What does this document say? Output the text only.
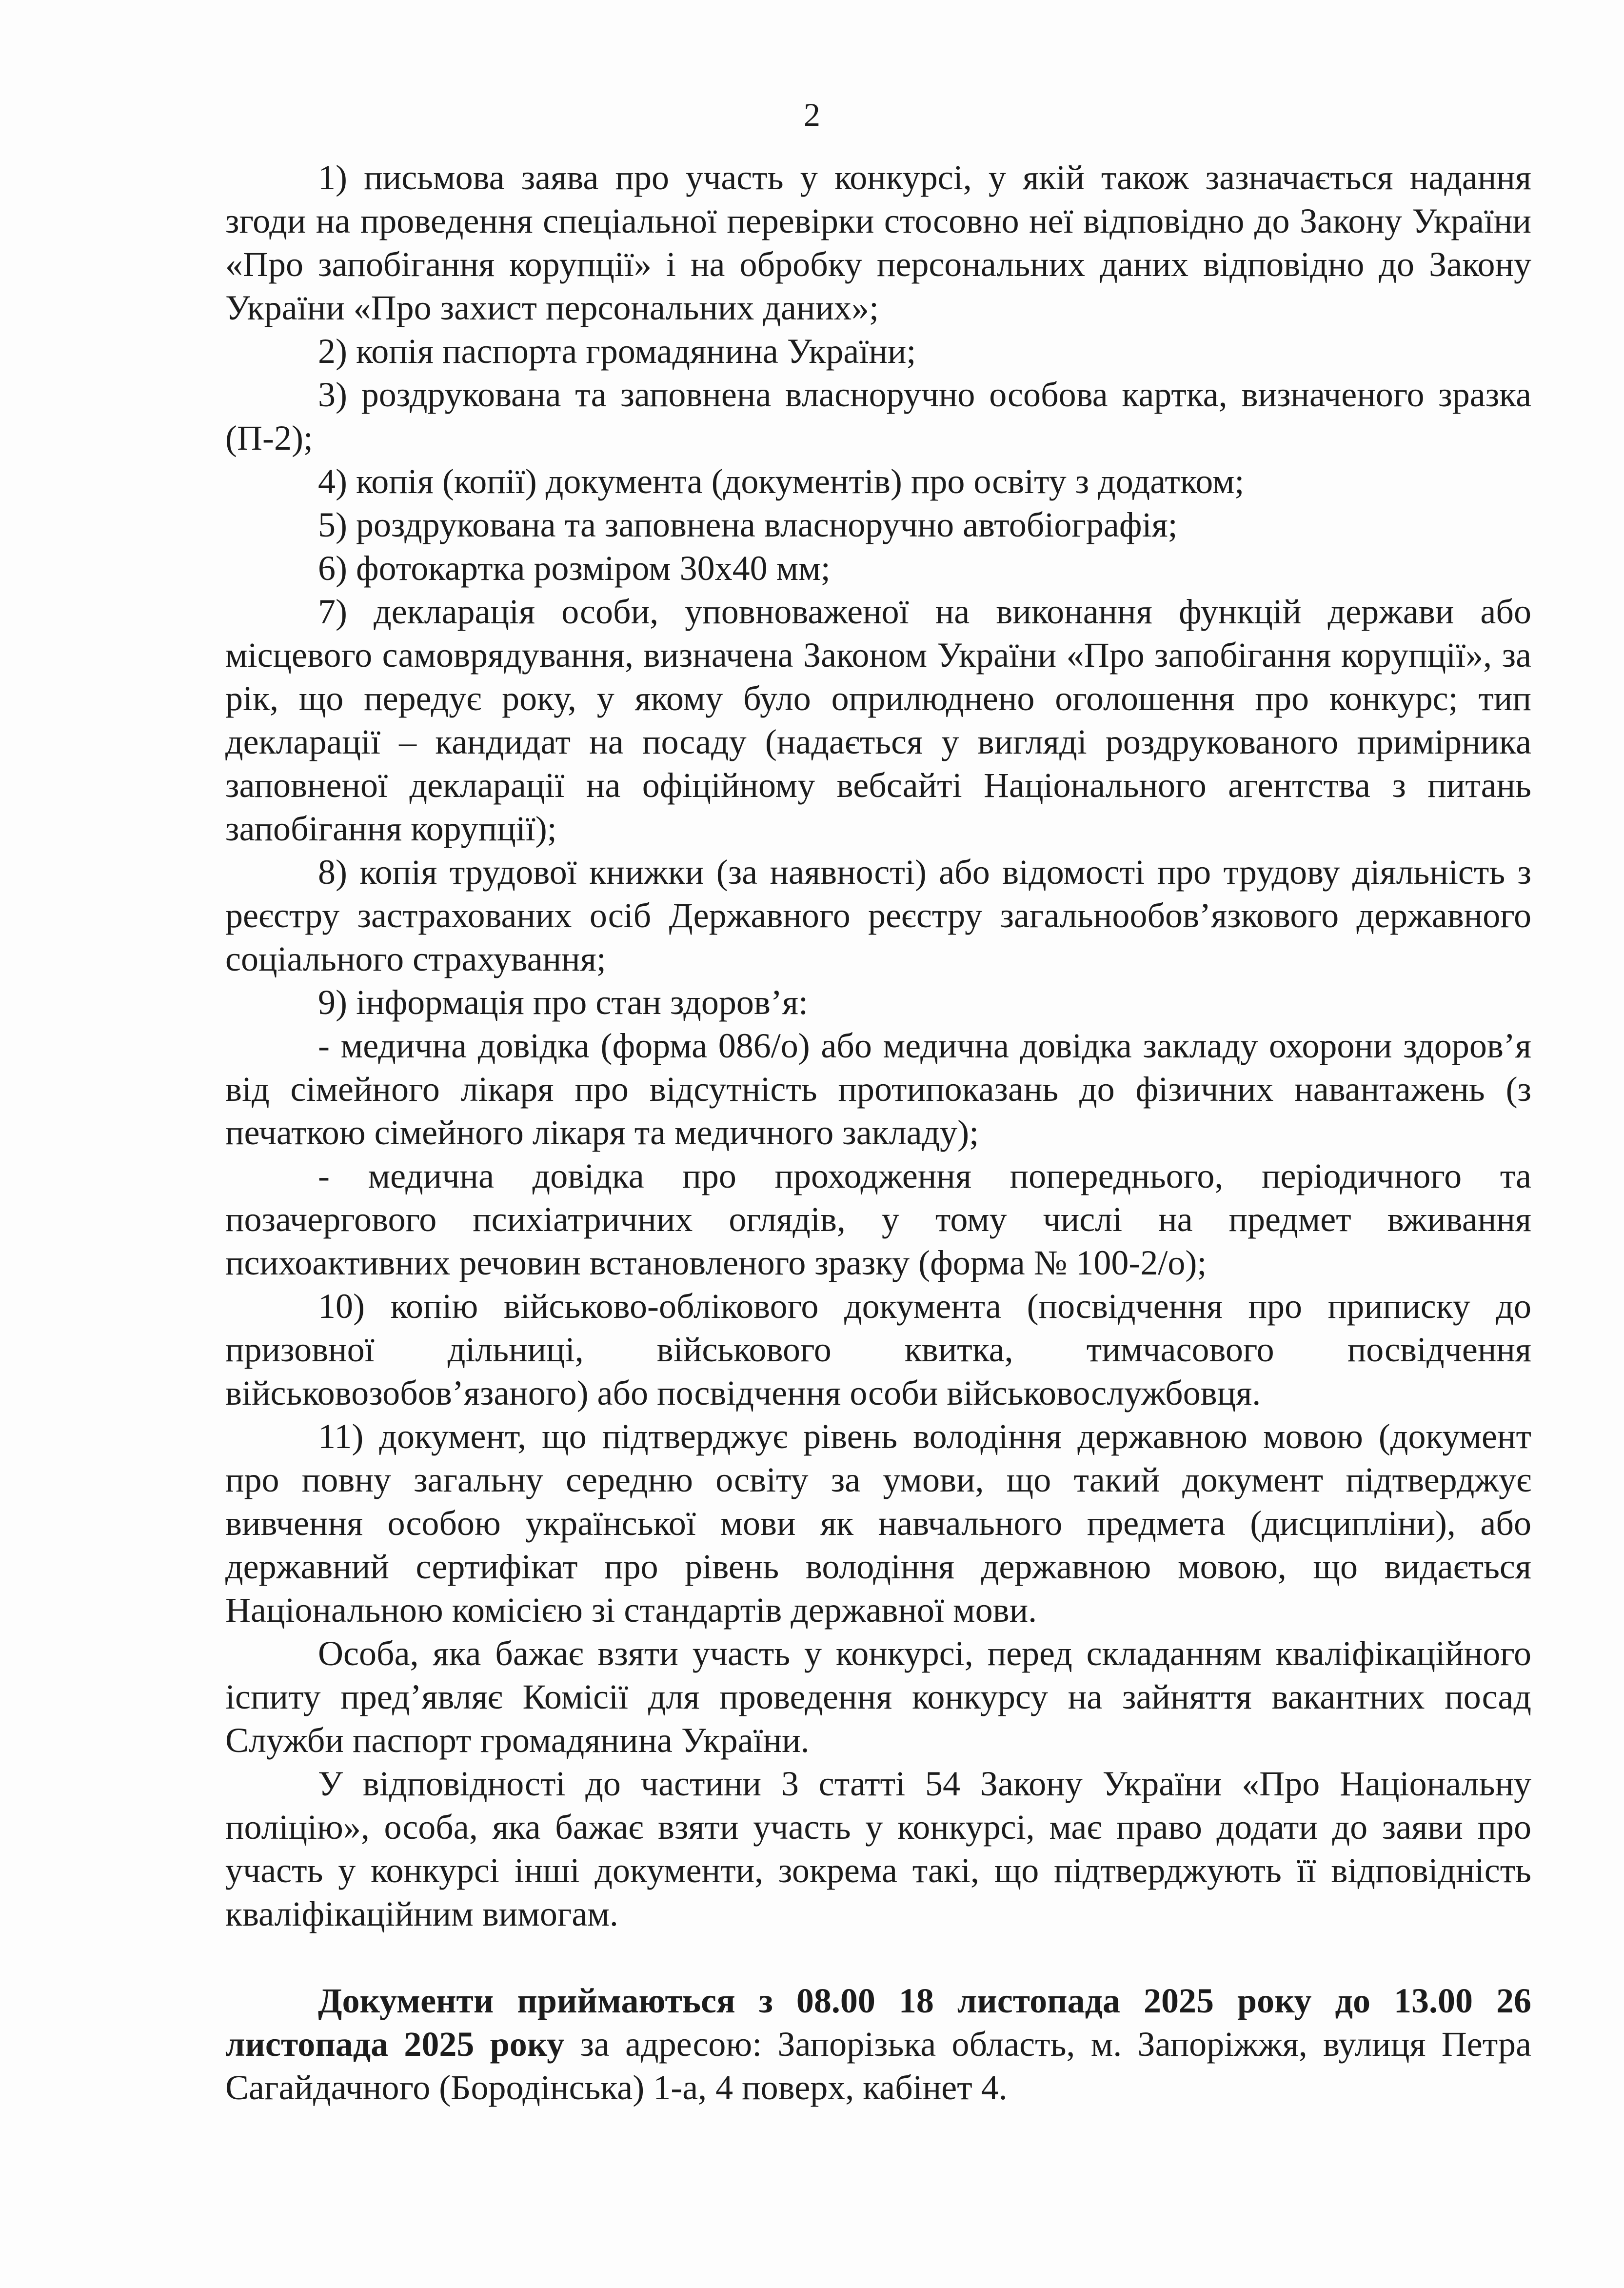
2

1) письмова заява про участь у конкурсі, у якій також зазначається надання згоди на проведення спеціальної перевірки стосовно неї відповідно до Закону України «Про запобігання корупції» і на обробку персональних даних відповідно до Закону України «Про захист персональних даних»;

2) копія паспорта громадянина України;

3) роздрукована та заповнена власноручно особова картка, визначеного зразка (П-2);

4) копія (копії) документа (документів) про освіту з додатком;

5) роздрукована та заповнена власноручно автобіографія;

6) фотокартка розміром 30х40 мм;

7) декларація особи, уповноваженої на виконання функцій держави або місцевого самоврядування, визначена Законом України «Про запобігання корупції», за рік, що передує року, у якому було оприлюднено оголошення про конкурс; тип декларації – кандидат на посаду (надається у вигляді роздрукованого примірника заповненої декларації на офіційному вебсайті Національного агентства з питань запобігання корупції);

8) копія трудової книжки (за наявності) або відомості про трудову діяльність з реєстру застрахованих осіб Державного реєстру загальнообов’язкового державного соціального страхування;

9) інформація про стан здоров’я:

- медична довідка (форма 086/о) або медична довідка закладу охорони здоров’я від сімейного лікаря про відсутність протипоказань до фізичних навантажень (з печаткою сімейного лікаря та медичного закладу);

- медична довідка про проходження попереднього, періодичного та позачергового психіатричних оглядів, у тому числі на предмет вживання психоактивних речовин встановленого зразку (форма № 100-2/о);

10) копію військово-облікового документа (посвідчення про приписку до призовної дільниці, військового квитка, тимчасового посвідчення військовозобов’язаного) або посвідчення особи військовослужбовця.

11) документ, що підтверджує рівень володіння державною мовою (документ про повну загальну середню освіту за умови, що такий документ підтверджує вивчення особою української мови як навчального предмета (дисципліни), або державний сертифікат про рівень володіння державною мовою, що видається Національною комісією зі стандартів державної мови.

Особа, яка бажає взяти участь у конкурсі, перед складанням кваліфікаційного іспиту пред’являє Комісії для проведення конкурсу на зайняття вакантних посад Служби паспорт громадянина України.

У відповідності до частини 3 статті 54 Закону України «Про Національну поліцію», особа, яка бажає взяти участь у конкурсі, має право додати до заяви про участь у конкурсі інші документи, зокрема такі, що підтверджують її відповідність кваліфікаційним вимогам.

Документи приймаються з 08.00 18 листопада 2025 року до 13.00 26 листопада 2025 року за адресою: Запорізька область, м. Запоріжжя, вулиця Петра Сагайдачного (Бородінська) 1-а, 4 поверх, кабінет 4.
